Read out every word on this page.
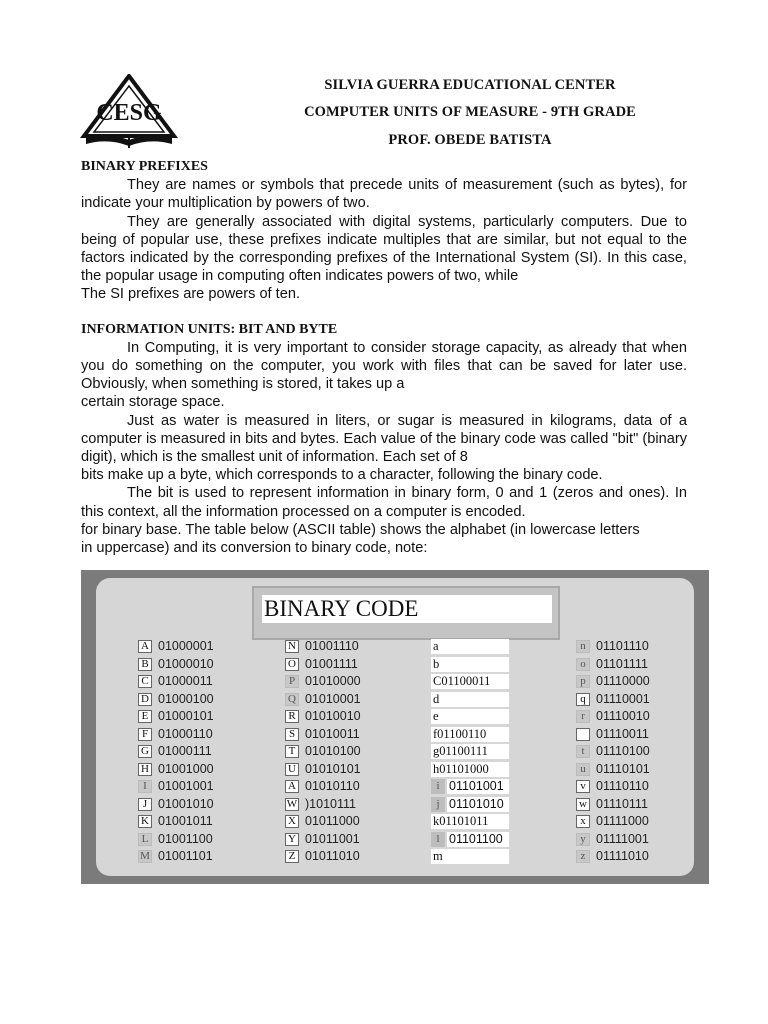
CESG
SILVIA GUERRA EDUCATIONAL CENTER
COMPUTER UNITS OF MEASURE - 9TH GRADE
PROF. OBEDE BATISTA
BINARY PREFIXES

They are names or symbols that precede units of measurement (such as bytes), for indicate your multiplication by powers of two.

They are generally associated with digital systems, particularly computers. Due to being of popular use, these prefixes indicate multiples that are similar, but not equal to the factors indicated by the corresponding prefixes of the International System (SI). In this case, the popular usage in computing often indicates powers of two, while

The SI prefixes are powers of ten.

INFORMATION UNITS: BIT AND BYTE

In Computing, it is very important to consider storage capacity, as already that when you do something on the computer, you work with files that can be saved for later use. Obviously, when something is stored, it takes up a

certain storage space.

Just as water is measured in liters, or sugar is measured in kilograms, data of a computer is measured in bits and bytes. Each value of the binary code was called "bit" (binary digit), which is the smallest unit of information. Each set of 8

bits make up a byte, which corresponds to a character, following the binary code.

The bit is used to represent information in binary form, 0 and 1 (zeros and ones). In this context, all the information processed on a computer is encoded.

for binary base. The table below (ASCII table) shows the alphabet (in lowercase letters

in uppercase) and its conversion to binary code, note:

BINARY CODE
A 01000001
B 01000010
C 01000011
D 01000100
E 01000101
F 01000110
G 01000111
H 01001000
I 01001001
J 01001010
K 01001011
L 01001100
M 01001101
N 01001110
O 01001111
P 01010000
Q 01010001
R 01010010
S 01010011
T 01010100
U 01010101
A 01010110
W )1010111
X 01011000
Y 01011001
Z 01011010
a
b
C01100011
d
e
f01100110
g01100111
h01101000
i 01101001
j 01101010
k01101011
l 01101100
m
n 01101110
o 01101111
p 01110000
q 01110001
r 01110010
01110011
t 01110100
u 01110101
v 01110110
w 01110111
x 01111000
y 01111001
z 01111010
